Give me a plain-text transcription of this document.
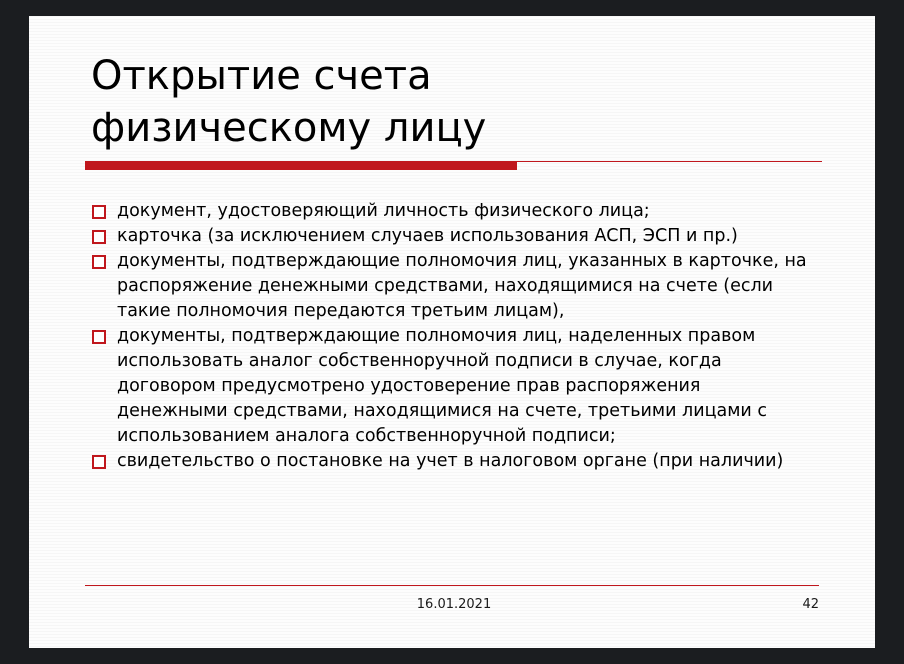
Открытие счета
физическому лицу
документ, удостоверяющий личность физического лица;
карточка (за исключением случаев использования АСП, ЭСП и пр.)
документы, подтверждающие полномочия лиц, указанных в карточке, на распоряжение денежными средствами, находящимися на счете (если такие полномочия передаются третьим лицам),
документы, подтверждающие полномочия лиц, наделенных правом использовать аналог собственноручной подписи в случае, когда договором предусмотрено удостоверение прав распоряжения денежными средствами, находящимися на счете, третьими лицами с использованием аналога собственноручной подписи;
свидетельство о постановке на учет в налоговом органе (при наличии)
16.01.2021	42
